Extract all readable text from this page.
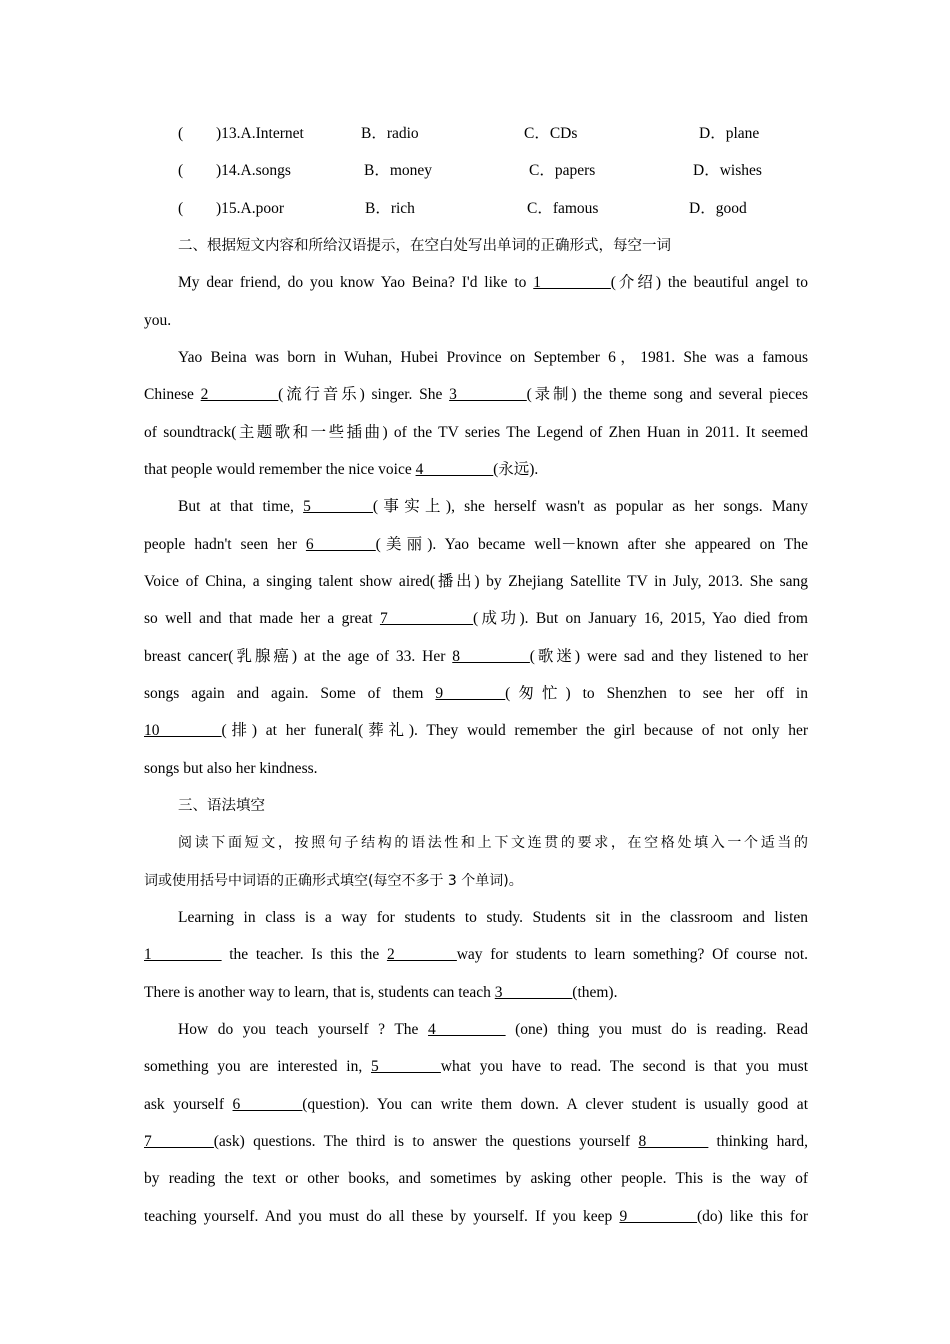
( )13.A.Internet	B．radio	C．CDs	D．plane
( )14.A.songs	B．money	C．papers	D．wishes
( )15.A.poor	B．rich	C．famous	D．good
二、根据短文内容和所给汉语提示，在空白处写出单词的正确形式，每空一词
My dear friend, do you know Yao Beina? I'd like to 1_________(介绍) the beautiful angel to
you.
Yao Beina was born in Wuhan, Hubei Province on September 6，1981. She was a famous
Chinese 2_________(流行音乐) singer. She 3_________(录制) the theme song and several pieces
of soundtrack(主题歌和一些插曲) of the TV series The Legend of Zhen Huan in 2011. It seemed
that people would remember the nice voice 4_________(永远).
But at that time, 5________(事实上), she herself wasn't as popular as her songs. Many
people hadn't seen her 6________(美丽). Yao became well－known after she appeared on The
Voice of China, a singing talent show aired(播出) by Zhejiang Satellite TV in July, 2013. She sang
so well and that made her a great 7___________(成功). But on January 16, 2015, Yao died from
breast cancer(乳腺癌) at the age of 33. Her 8_________(歌迷) were sad and they listened to her
songs again and again. Some of them 9________(匆忙) to Shenzhen to see her off in
10________(排) at her funeral(葬礼). They would remember the girl because of not only her
songs but also her kindness.
三、语法填空
阅读下面短文，按照句子结构的语法性和上下文连贯的要求，在空格处填入一个适当的
词或使用括号中词语的正确形式填空(每空不多于 3 个单词)。
Learning in class is a way for students to study. Students sit in the classroom and listen
1_________ the teacher. Is this the 2________way for students to learn something? Of course not.
There is another way to learn, that is, students can teach 3_________(them).
How do you teach yourself ? The 4_________ (one) thing you must do is reading. Read
something you are interested in, 5________what you have to read. The second is that you must
ask yourself 6________(question). You can write them down. A clever student is usually good at
7________(ask) questions. The third is to answer the questions yourself 8________ thinking hard,
by reading the text or other books, and sometimes by asking other people. This is the way of
teaching yourself. And you must do all these by yourself. If you keep 9_________(do) like this for
